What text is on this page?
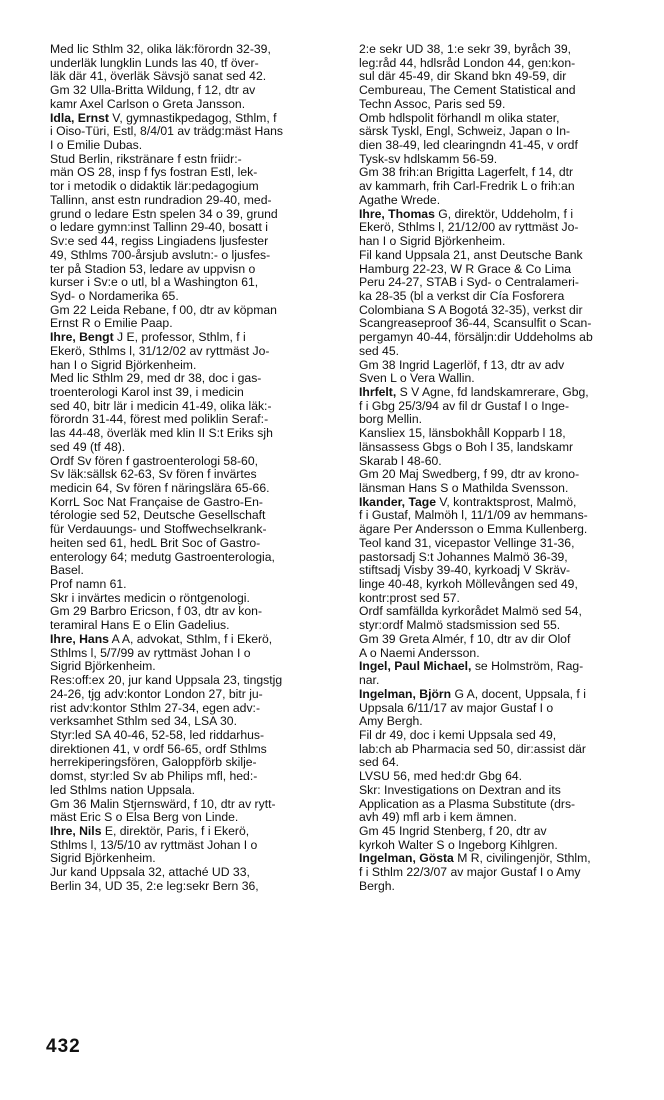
Med lic Sthlm 32, olika läk:förordn 32-39,
underläk lungklin Lunds las 40, tf över-
läk där 41, överläk Sävsjö sanat sed 42.
Gm 32 Ulla-Britta Wildung, f 12, dtr av
kamr Axel Carlson o Greta Jansson.
Idla, Ernst V, gymnastikpedagog, Sthlm, f
i Oiso-Türi, Estl, 8/4/01 av trädg:mäst Hans
I o Emilie Dubas.
Stud Berlin, rikstränare f estn friidr:-
män OS 28, insp f fys fostran Estl, lek-
tor i metodik o didaktik lär:pedagogium
Tallinn, anst estn rundradion 29-40, med-
grund o ledare Estn spelen 34 o 39, grund
o ledare gymn:inst Tallinn 29-40, bosatt i
Sv:e sed 44, regiss Lingiadens ljusfester
49, Sthlms 700-årsjub avslutn:- o ljusfes-
ter på Stadion 53, ledare av uppvisn o
kurser i Sv:e o utl, bl a Washington 61,
Syd- o Nordamerika 65.
Gm 22 Leida Rebane, f 00, dtr av köpman
Ernst R o Emilie Paap.
Ihre, Bengt J E, professor, Sthlm, f i
Ekerö, Sthlms l, 31/12/02 av ryttmäst Jo-
han I o Sigrid Björkenheim.
Med lic Sthlm 29, med dr 38, doc i gas-
troenterologi Karol inst 39, i medicin
sed 40, bitr lär i medicin 41-49, olika läk:-
förordn 31-44, förest med poliklin Seraf:-
las 44-48, överläk med klin II S:t Eriks sjh
sed 49 (tf 48).
Ordf Sv fören f gastroenterologi 58-60,
Sv läk:sällsk 62-63, Sv fören f invärtes
medicin 64, Sv fören f näringslära 65-66.
KorrL Soc Nat Française de Gastro-En-
térologie sed 52, Deutsche Gesellschaft
für Verdauungs- und Stoffwechselkrank-
heiten sed 61, hedL Brit Soc of Gastro-
enterology 64; medutg Gastroenterologia,
Basel.
Prof namn 61.
Skr i invärtes medicin o röntgenologi.
Gm 29 Barbro Ericson, f 03, dtr av kon-
teramiral Hans E o Elin Gadelius.
Ihre, Hans A A, advokat, Sthlm, f i Ekerö,
Sthlms l, 5/7/99 av ryttmäst Johan I o
Sigrid Björkenheim.
Res:off:ex 20, jur kand Uppsala 23, tingstjg
24-26, tjg adv:kontor London 27, bitr ju-
rist adv:kontor Sthlm 27-34, egen adv:-
verksamhet Sthlm sed 34, LSA 30.
Styr:led SA 40-46, 52-58, led riddarhus-
direktionen 41, v ordf 56-65, ordf Sthlms
herrekiperingsfören, Galoppförb skilje-
domst, styr:led Sv ab Philips mfl, hed:-
led Sthlms nation Uppsala.
Gm 36 Malin Stjernswärd, f 10, dtr av rytt-
mäst Eric S o Elsa Berg von Linde.
Ihre, Nils E, direktör, Paris, f i Ekerö,
Sthlms l, 13/5/10 av ryttmäst Johan I o
Sigrid Björkenheim.
Jur kand Uppsala 32, attaché UD 33,
Berlin 34, UD 35, 2:e leg:sekr Bern 36,
2:e sekr UD 38, 1:e sekr 39, byråch 39,
leg:råd 44, hdlsråd London 44, gen:kon-
sul där 45-49, dir Skand bkn 49-59, dir
Cembureau, The Cement Statistical and
Techn Assoc, Paris sed 59.
Omb hdlspolit förhandl m olika stater,
särsk Tyskl, Engl, Schweiz, Japan o In-
dien 38-49, led clearingndn 41-45, v ordf
Tysk-sv hdlskamm 56-59.
Gm 38 frih:an Brigitta Lagerfelt, f 14, dtr
av kammarh, frih Carl-Fredrik L o frih:an
Agathe Wrede.
Ihre, Thomas G, direktör, Uddeholm, f i
Ekerö, Sthlms l, 21/12/00 av ryttmäst Jo-
han I o Sigrid Björkenheim.
Fil kand Uppsala 21, anst Deutsche Bank
Hamburg 22-23, W R Grace & Co Lima
Peru 24-27, STAB i Syd- o Centralameri-
ka 28-35 (bl a verkst dir Cía Fosforera
Colombiana S A Bogotá 32-35), verkst dir
Scangreaseproof 36-44, Scansulfit o Scan-
pergamyn 40-44, försäljn:dir Uddeholms ab
sed 45.
Gm 38 Ingrid Lagerlöf, f 13, dtr av adv
Sven L o Vera Wallin.
Ihrfelt, S V Agne, fd landskamrerare, Gbg,
f i Gbg 25/3/94 av fil dr Gustaf I o Inge-
borg Mellin.
Kansliex 15, länsbokhåll Kopparb l 18,
länsassess Gbgs o Boh l 35, landskamr
Skarab l 48-60.
Gm 20 Maj Swedberg, f 99, dtr av krono-
länsman Hans S o Mathilda Svensson.
Ikander, Tage V, kontraktsprost, Malmö,
f i Gustaf, Malmöh l, 11/1/09 av hemmans-
ägare Per Andersson o Emma Kullenberg.
Teol kand 31, vicepastor Vellinge 31-36,
pastorsadj S:t Johannes Malmö 36-39,
stiftsadj Visby 39-40, kyrkoadj V Skräv-
linge 40-48, kyrkoh Möllevången sed 49,
kontr:prost sed 57.
Ordf samfällda kyrkorådet Malmö sed 54,
styr:ordf Malmö stadsmission sed 55.
Gm 39 Greta Almér, f 10, dtr av dir Olof
A o Naemi Andersson.
Ingel, Paul Michael, se Holmström, Rag-
nar.
Ingelman, Björn G A, docent, Uppsala, f i
Uppsala 6/11/17 av major Gustaf I o
Amy Bergh.
Fil dr 49, doc i kemi Uppsala sed 49,
lab:ch ab Pharmacia sed 50, dir:assist där
sed 64.
LVSU 56, med hed:dr Gbg 64.
Skr: Investigations on Dextran and its
Application as a Plasma Substitute (drs-
avh 49) mfl arb i kem ämnen.
Gm 45 Ingrid Stenberg, f 20, dtr av
kyrkoh Walter S o Ingeborg Kihlgren.
Ingelman, Gösta M R, civilingenjör, Sthlm,
f i Sthlm 22/3/07 av major Gustaf I o Amy
Bergh.
432
